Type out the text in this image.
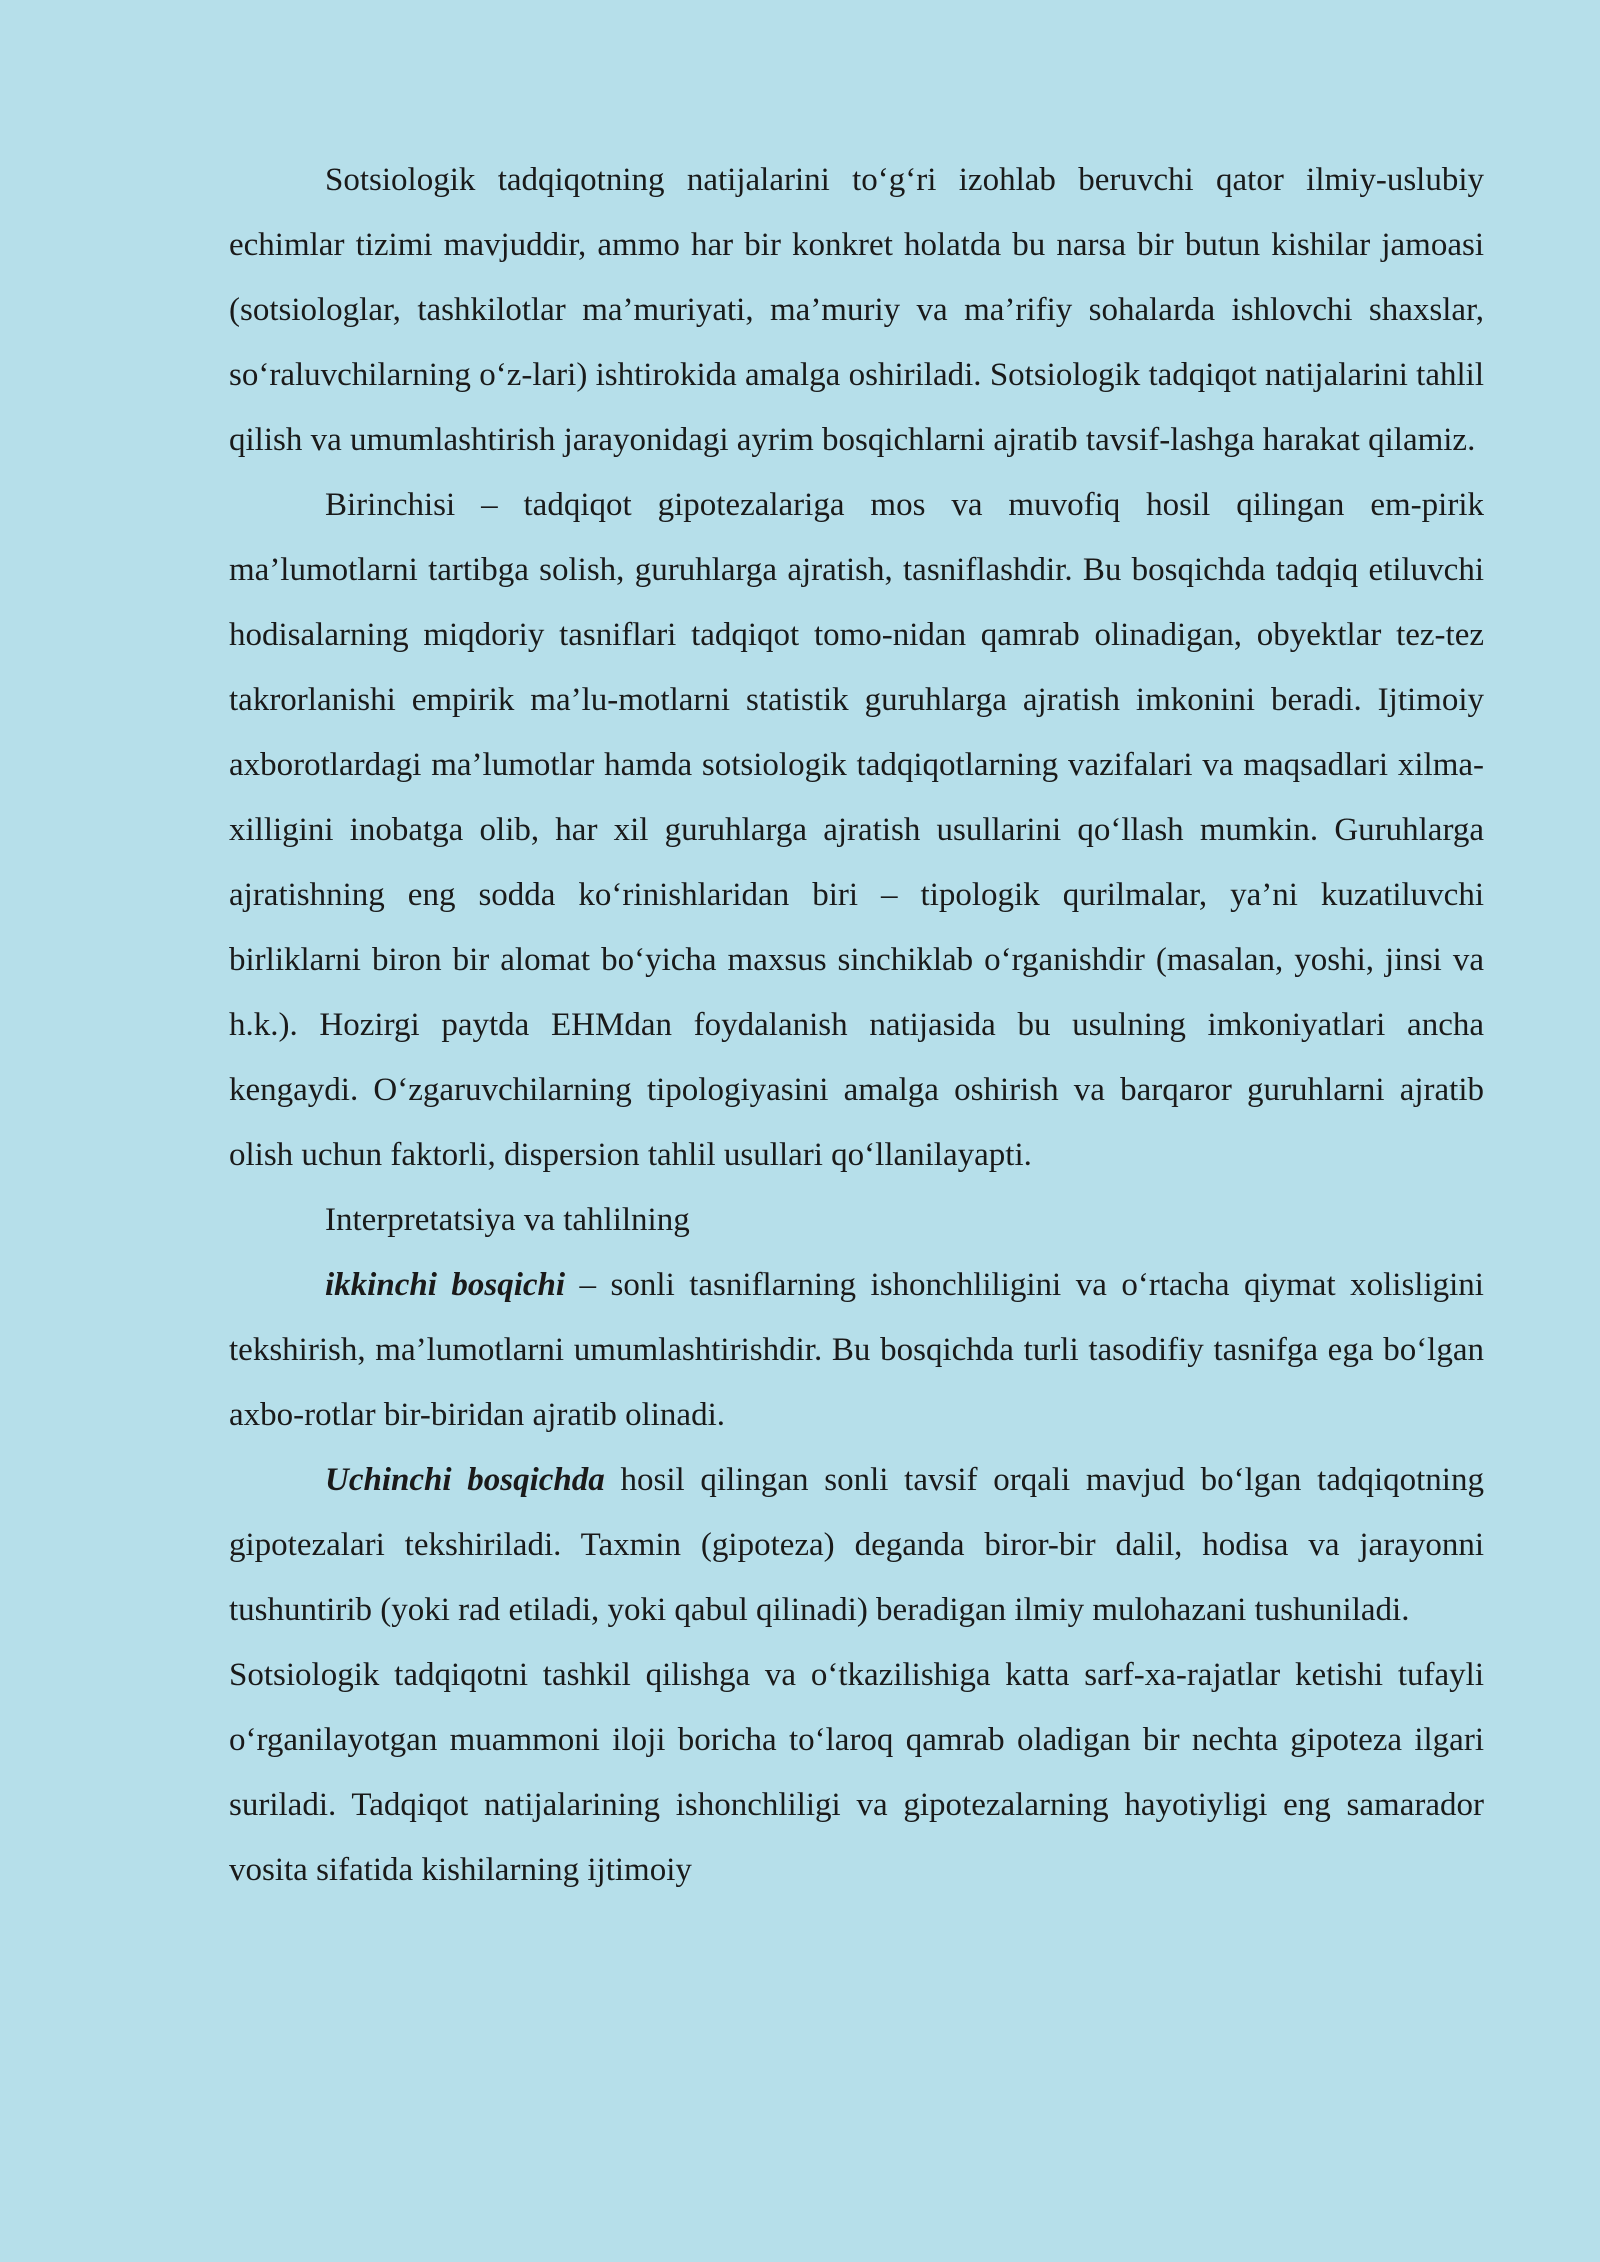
Sotsiologik tadqiqotning natijalarini to‘g‘ri izohlab beruvchi qator ilmiy-uslubiy echimlar tizimi mavjuddir, ammo har bir konkret holatda bu narsa bir butun kishilar jamoasi (sotsiologlar, tashkilotlar ma’muriyati, ma’muriy va ma’rifiy sohalarda ishlovchi shaxslar, so‘raluvchilarning o‘z-lari) ishtirokida amalga oshiriladi. Sotsiologik tadqiqot natijalarini tahlil qilish va umumlashtirish jarayonidagi ayrim bosqichlarni ajratib tavsif-lashga harakat qilamiz.

Birinchisi – tadqiqot gipotezalariga mos va muvofiq hosil qilingan em-pirik ma’lumotlarni tartibga solish, guruhlarga ajratish, tasniflashdir. Bu bosqichda tadqiq etiluvchi hodisalarning miqdoriy tasniflari tadqiqot tomo-nidan qamrab olinadigan, obyektlar tez-tez takrorlanishi empirik ma’lu-motlarni statistik guruhlarga ajratish imkonini beradi. Ijtimoiy axborotlardagi ma’lumotlar hamda sotsiologik tadqiqotlarning vazifalari va maqsadlari xilma-xilligini inobatga olib, har xil guruhlarga ajratish usullarini qo‘llash mumkin. Guruhlarga ajratishning eng sodda ko‘rinishlaridan biri – tipologik qurilmalar, ya’ni kuzatiluvchi birliklarni biron bir alomat bo‘yicha maxsus sinchiklab o‘rganishdir (masalan, yoshi, jinsi va h.k.). Hozirgi paytda EHMdan foydalanish natijasida bu usulning imkoniyatlari ancha kengaydi. O‘zgaruvchilarning tipologiyasini amalga oshirish va barqaror guruhlarni ajratib olish uchun faktorli, dispersion tahlil usullari qo‘llanilayapti.

Interpretatsiya va tahlilning

ikkinchi bosqichi – sonli tasniflarning ishonchliligini va o‘rtacha qiymat xolisligini tekshirish, ma’lumotlarni umumlashtirishdir. Bu bosqichda turli tasodifiy tasnifga ega bo‘lgan axbo-rotlar bir-biridan ajratib olinadi.

Uchinchi bosqichda hosil qilingan sonli tavsif orqali mavjud bo‘lgan tadqiqotning gipotezalari tekshiriladi. Taxmin (gipoteza) deganda biror-bir dalil, hodisa va jarayonni tushuntirib (yoki rad etiladi, yoki qabul qilinadi) beradigan ilmiy mulohazani tushuniladi.

Sotsiologik tadqiqotni tashkil qilishga va o‘tkazilishiga katta sarf-xa-rajatlar ketishi tufayli o‘rganilayotgan muammoni iloji boricha to‘laroq qamrab oladigan bir nechta gipoteza ilgari suriladi. Tadqiqot natijalarining ishonchliligi va gipotezalarning hayotiyligi eng samarador vosita sifatida kishilarning ijtimoiy
